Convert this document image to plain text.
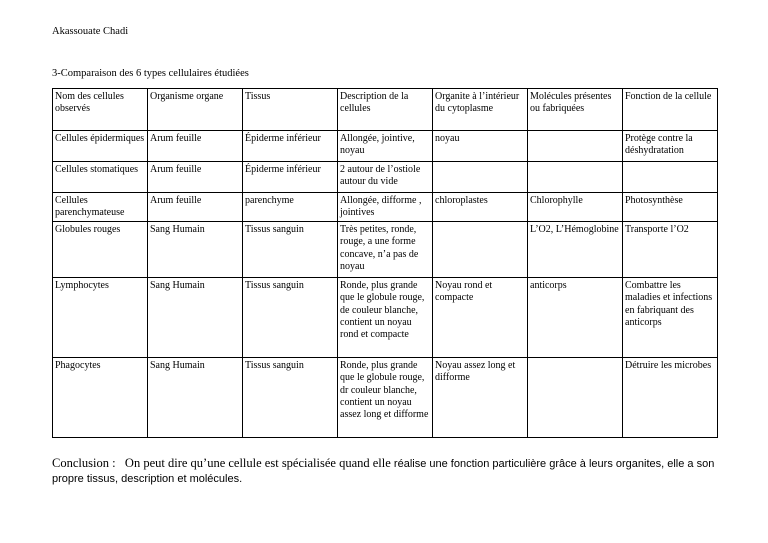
Akassouate Chadi
3-Comparaison des 6 types cellulaires étudiées
Nom des cellules observés	Organisme organe	Tissus	Description de la cellules	Organite à l’intérieur du cytoplasme	Molécules présentes ou fabriquées	Fonction de la cellule
Cellules épidermiques	Arum feuille	Épiderme inférieur	Allongée, jointive, noyau	noyau		Protège contre la déshydratation
Cellules stomatiques	Arum feuille	Épiderme inférieur	2 autour de l’ostiole autour du vide			
Cellules parenchymateuse	Arum feuille	parenchyme	Allongée, difforme , jointives	chloroplastes	Chlorophylle	Photosynthèse
Globules rouges	Sang Humain	Tissus sanguin	Très petites, ronde, rouge, a une forme concave, n’a pas de noyau		L’O2, L’Hémoglobine	Transporte l’O2
Lymphocytes	Sang Humain	Tissus sanguin	Ronde, plus grande que le globule rouge, de couleur blanche, contient un noyau rond et compacte	Noyau rond et compacte	anticorps	Combattre les maladies et infections en fabriquant des anticorps
Phagocytes	Sang Humain	Tissus sanguin	Ronde, plus grande que le globule rouge, dr couleur blanche, contient un noyau assez long et difforme	Noyau assez long et difforme		Détruire les microbes
Conclusion :   On peut dire qu’une cellule est spécialisée quand elle réalise une fonction particulière grâce à leurs organites, elle a son propre tissus, description et molécules.
